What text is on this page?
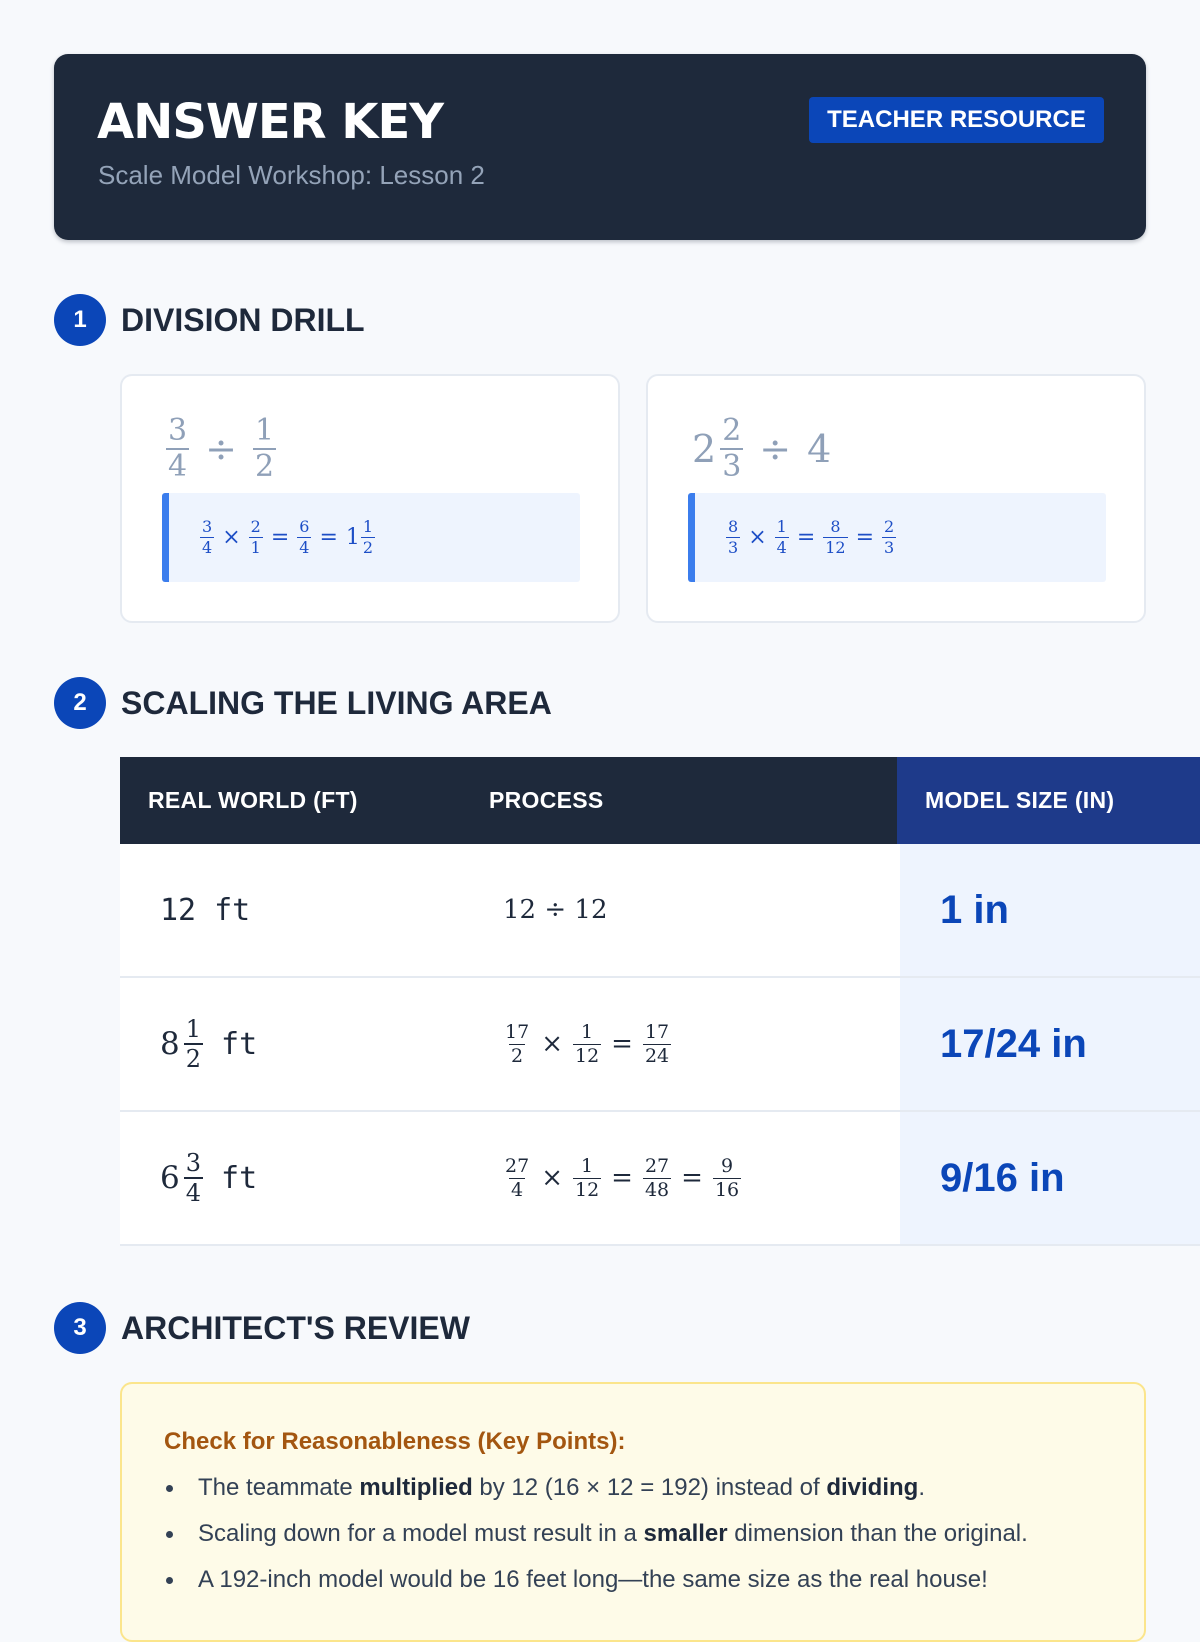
ANSWER KEY
Scale Model Workshop: Lesson 2
TEACHER RESOURCE
1	DIVISION DRILL
$\frac{3}{4} \div \frac{1}{2}$
$\frac{3}{4} \times \frac{2}{1} = \frac{6}{4} = 1 \frac{1}{2}$
$2 \frac{2}{3} \div 4$
$\frac{8}{3} \times \frac{1}{4} = \frac{8}{12} = \frac{2}{3}$
2	SCALING THE LIVING AREA
REAL WORLD (FT)	PROCESS	MODEL SIZE (IN)
12 ft	12 ÷ 12	1 in
$8 \frac{1}{2}$ ft	$\frac{17}{2} \times \frac{1}{12} = \frac{17}{24}$	17/24 in
$6 \frac{3}{4}$ ft	$\frac{27}{4} \times \frac{1}{12} = \frac{27}{48} = \frac{9}{16}$	9/16 in
3	ARCHITECT'S REVIEW
Check for Reasonableness (Key Points):
The teammate multiplied by 12 (16 × 12 = 192) instead of dividing.
Scaling down for a model must result in a smaller dimension than the original.
A 192-inch model would be 16 feet long—the same size as the real house!
